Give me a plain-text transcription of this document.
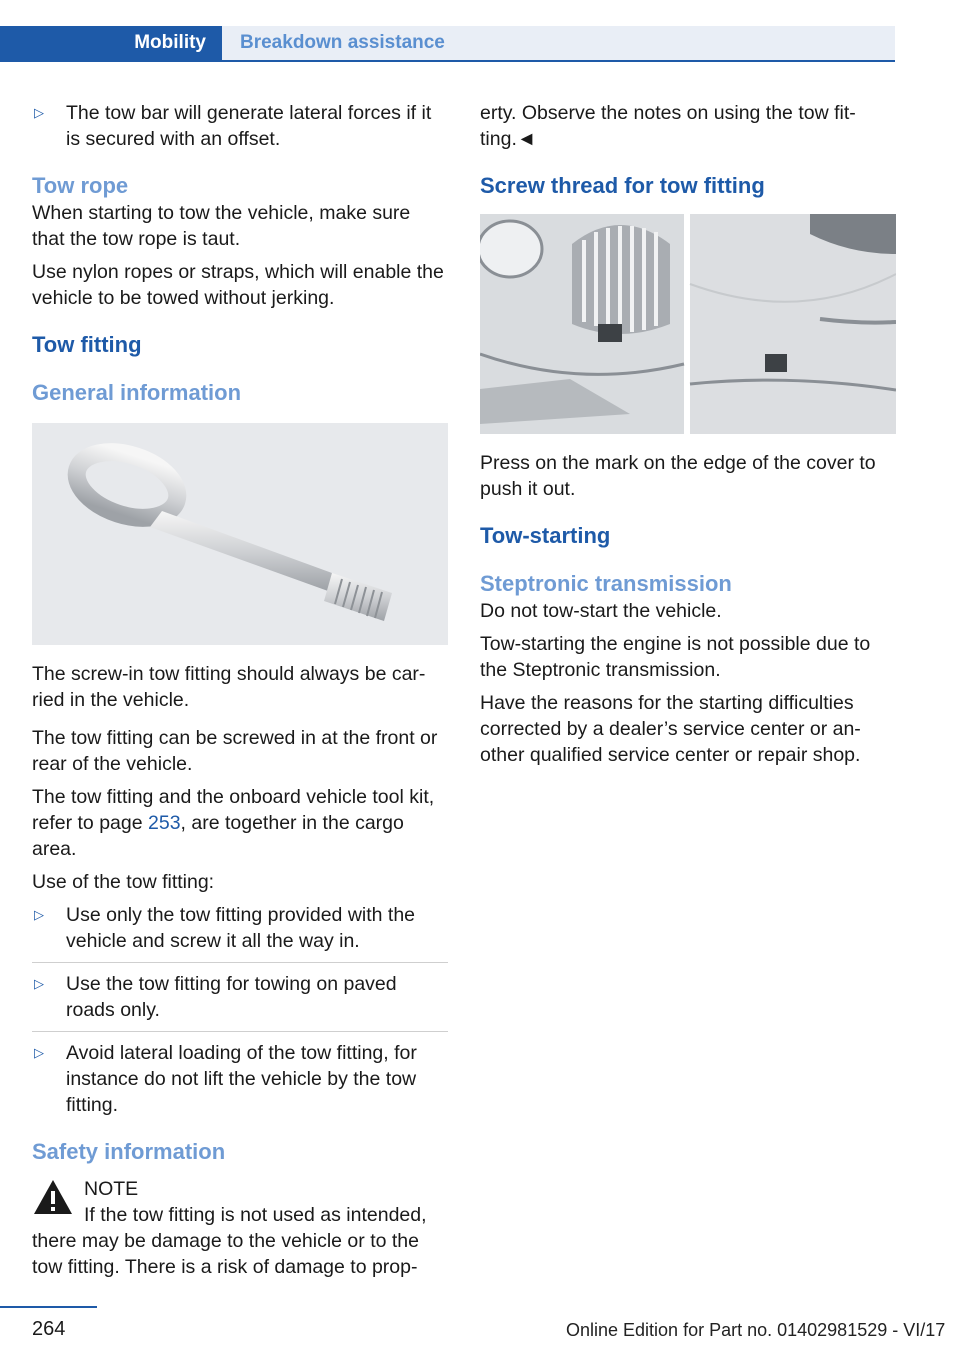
Mobility	Breakdown assistance
▷ The tow bar will generate lateral forces if it is secured with an offset.
Tow rope

When starting to tow the vehicle, make sure that the tow rope is taut.

Use nylon ropes or straps, which will enable the vehicle to be towed without jerking.

Tow fitting
General information

The screw-in tow fitting should always be car‐ried in the vehicle.

The tow fitting can be screwed in at the front or rear of the vehicle.

The tow fitting and the onboard vehicle tool kit, refer to page 253, are together in the cargo area.

Use of the tow fitting:

▷ Use only the tow fitting provided with the vehicle and screw it all the way in.
▷ Use the tow fitting for towing on paved roads only.
▷ Avoid lateral loading of the tow fitting, for instance do not lift the vehicle by the tow fitting.
Safety information
NOTE
If the tow fitting is not used as intended, there may be damage to the vehicle or to the tow fitting. There is a risk of damage to prop‐

erty. Observe the notes on using the tow fit‐ting.◄

Screw thread for tow fitting

Press on the mark on the edge of the cover to push it out.

Tow-starting
Steptronic transmission

Do not tow-start the vehicle.

Tow-starting the engine is not possible due to the Steptronic transmission.

Have the reasons for the starting difficulties corrected by a dealer’s service center or an‐other qualified service center or repair shop.

264	Online Edition for Part no. 01402981529 - VI/17
